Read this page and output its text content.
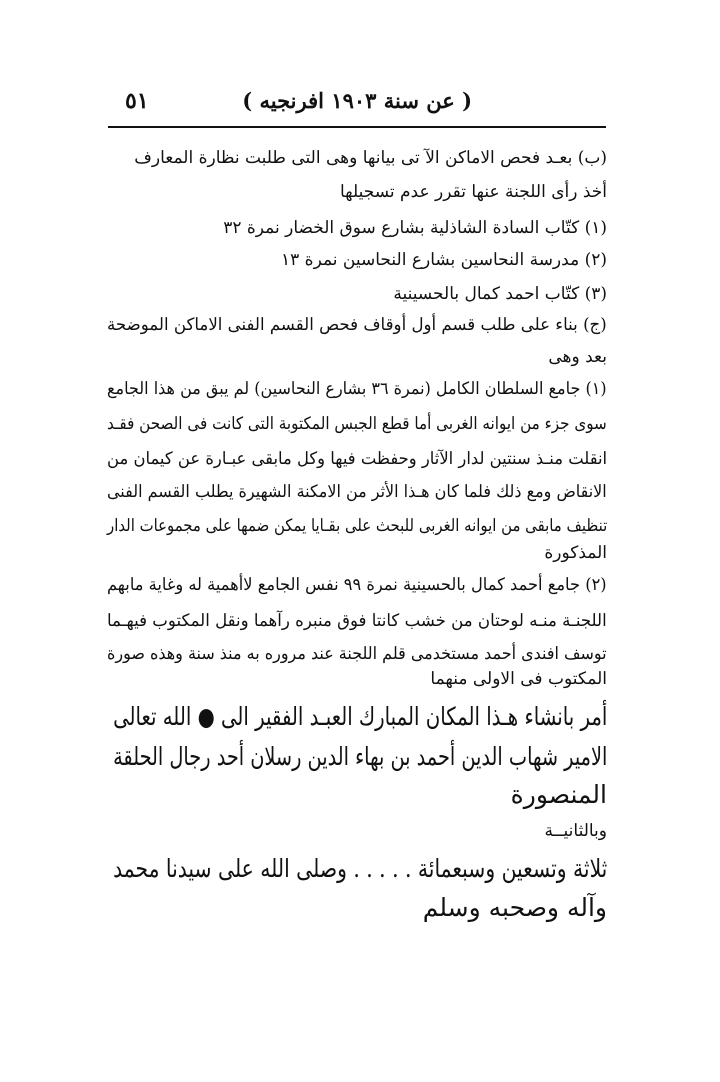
( عن سنة ١٩٠٣ افرنجيه )
٥١
(ب) بعـد فحص الاماكن الآ تى بيانها وهى التى طلبت نظارة المعارف
أخذ رأى اللجنة عنها تقرر عدم تسجيلها
(١) كتّاب السادة الشاذلية بشارع سوق الخضار نمرة ٣٢
(٢) مدرسة النحاسين بشارع النحاسين نمرة ١٣
(٣) كتّاب احمد كمال بالحسينية
(ج) بناء على طلب قسم أول أوقاف فحص القسم الفنى الاماكن الموضحة
بعد وهى
(١) جامع السلطان الكامل (نمرة ٣٦ بشارع النحاسين) لم يبق من هذا الجامع
سوى جزء من ايوانه الغربى أما قطع الجبس المكتوبة التى كانت فى الصحن فقـد
انقلت منـذ سنتين لدار الآثار وحفظت فيها وكل مابقى عبـارة عن كيمان من
الانقاض ومع ذلك فلما كان هـذا الأثر من الامكنة الشهيرة يطلب القسم الفنى
تنظيف مابقى من ايوانه الغربى للبحث على بقـايا يمكن ضمها على مجموعات الدار
المذكورة
(٢) جامع أحمد كمال بالحسينية نمرة ٩٩ نفس الجامع لاأهمية له وغاية مابهم
اللجنـة منـه لوحتان من خشب كانتا فوق منبره رآهما ونقل المكتوب فيهـما
توسف افندى أحمد مستخدمى قلم اللجنة عند مروره به منذ سنة وهذه صورة
المكتوب فى الاولى منهما
أمر بانشاء هـذا المكان المبارك العبـد الفقير الى ● الله تعالى
الامير شهاب الدين أحمد بن بهاء الدين رسلان أحد رجال الحلقة
المنصورة
وبالثانيــة
ثلاثة وتسعين وسبعمائة . . . . . وصلى الله على سيدنا محمد
وآله وصحبه وسلم
